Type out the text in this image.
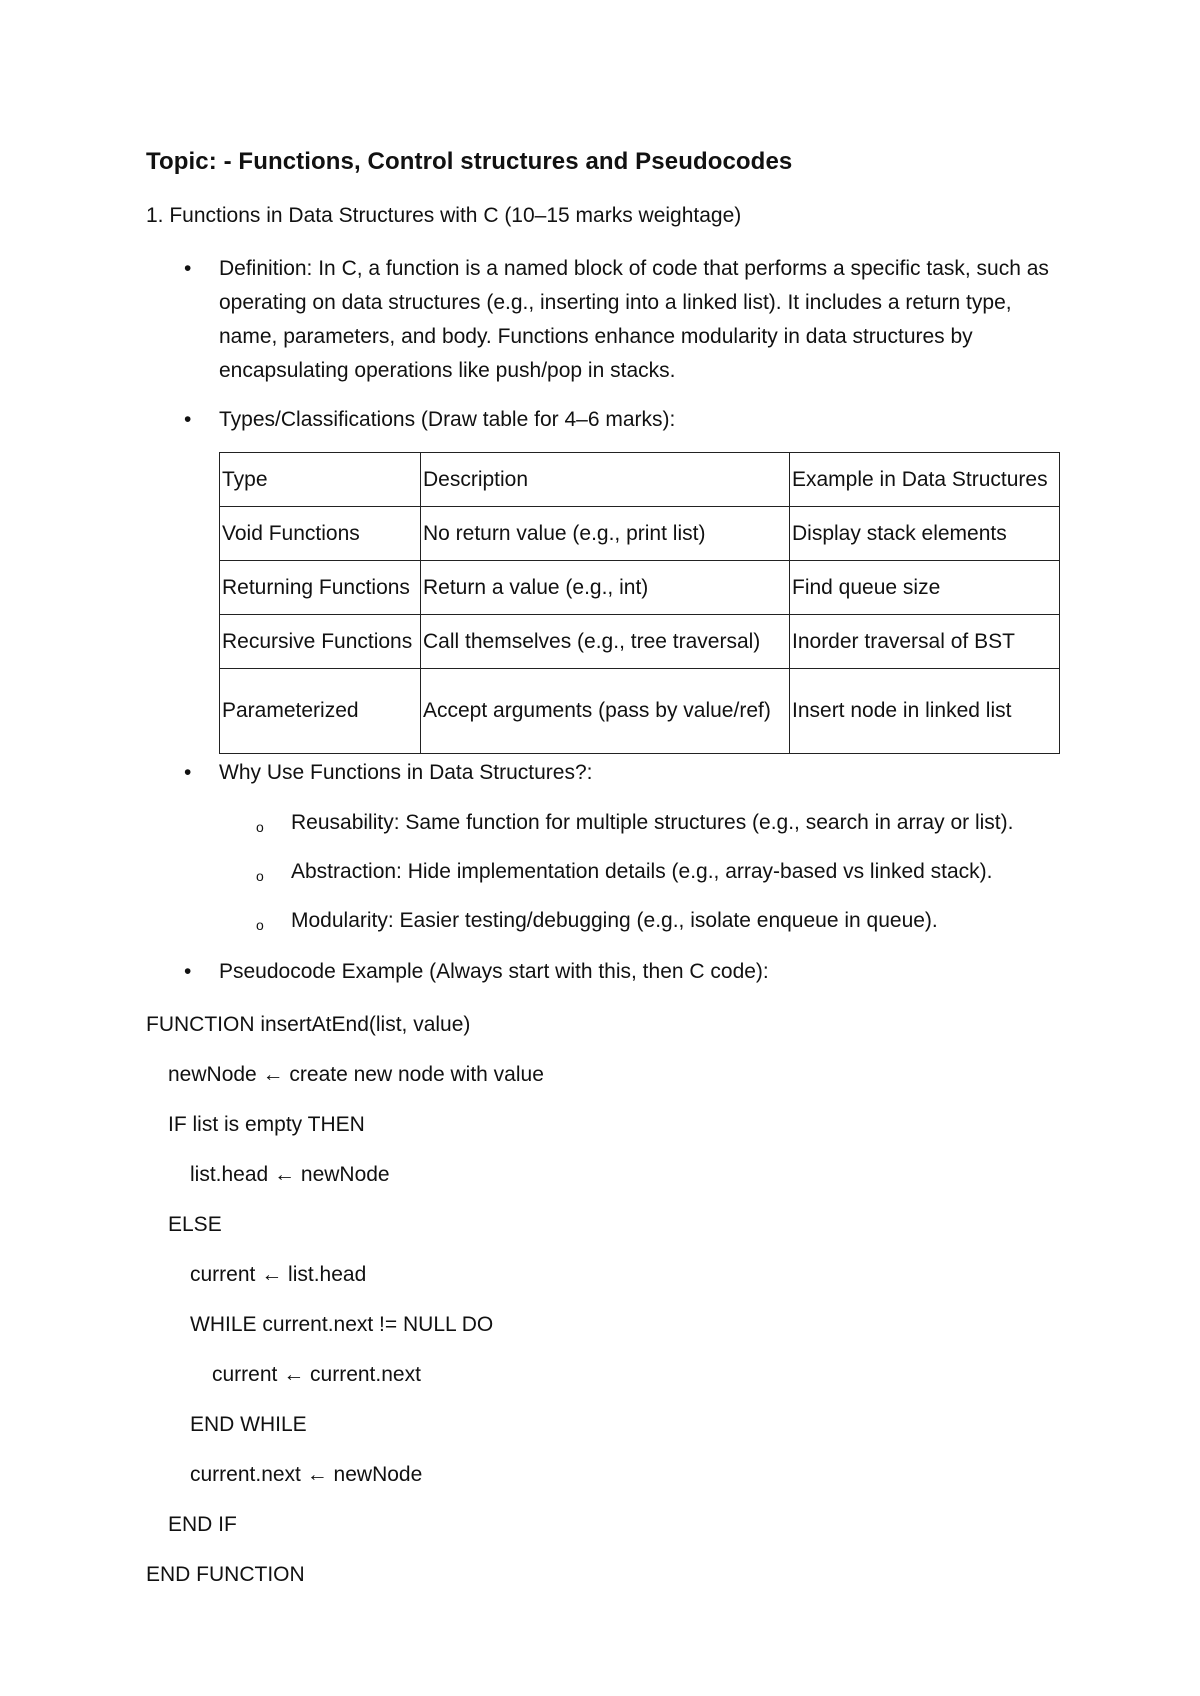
Topic: - Functions, Control structures and Pseudocodes
1. Functions in Data Structures with C (10–15 marks weightage)
• Definition: In C, a function is a named block of code that performs a specific task, such as operating on data structures (e.g., inserting into a linked list). It includes a return type, name, parameters, and body. Functions enhance modularity in data structures by encapsulating operations like push/pop in stacks.
• Types/Classifications (Draw table for 4–6 marks):
Type	Description	Example in Data Structures
Void Functions	No return value (e.g., print list)	Display stack elements
Returning Functions	Return a value (e.g., int)	Find queue size
Recursive Functions	Call themselves (e.g., tree traversal)	Inorder traversal of BST
Parameterized	Accept arguments (pass by value/ref)	Insert node in linked list
• Why Use Functions in Data Structures?:
o Reusability: Same function for multiple structures (e.g., search in array or list).
o Abstraction: Hide implementation details (e.g., array-based vs linked stack).
o Modularity: Easier testing/debugging (e.g., isolate enqueue in queue).
• Pseudocode Example (Always start with this, then C code):
FUNCTION insertAtEnd(list, value)
newNode ← create new node with value
IF list is empty THEN
list.head ← newNode
ELSE
current ← list.head
WHILE current.next != NULL DO
current ← current.next
END WHILE
current.next ← newNode
END IF
END FUNCTION
